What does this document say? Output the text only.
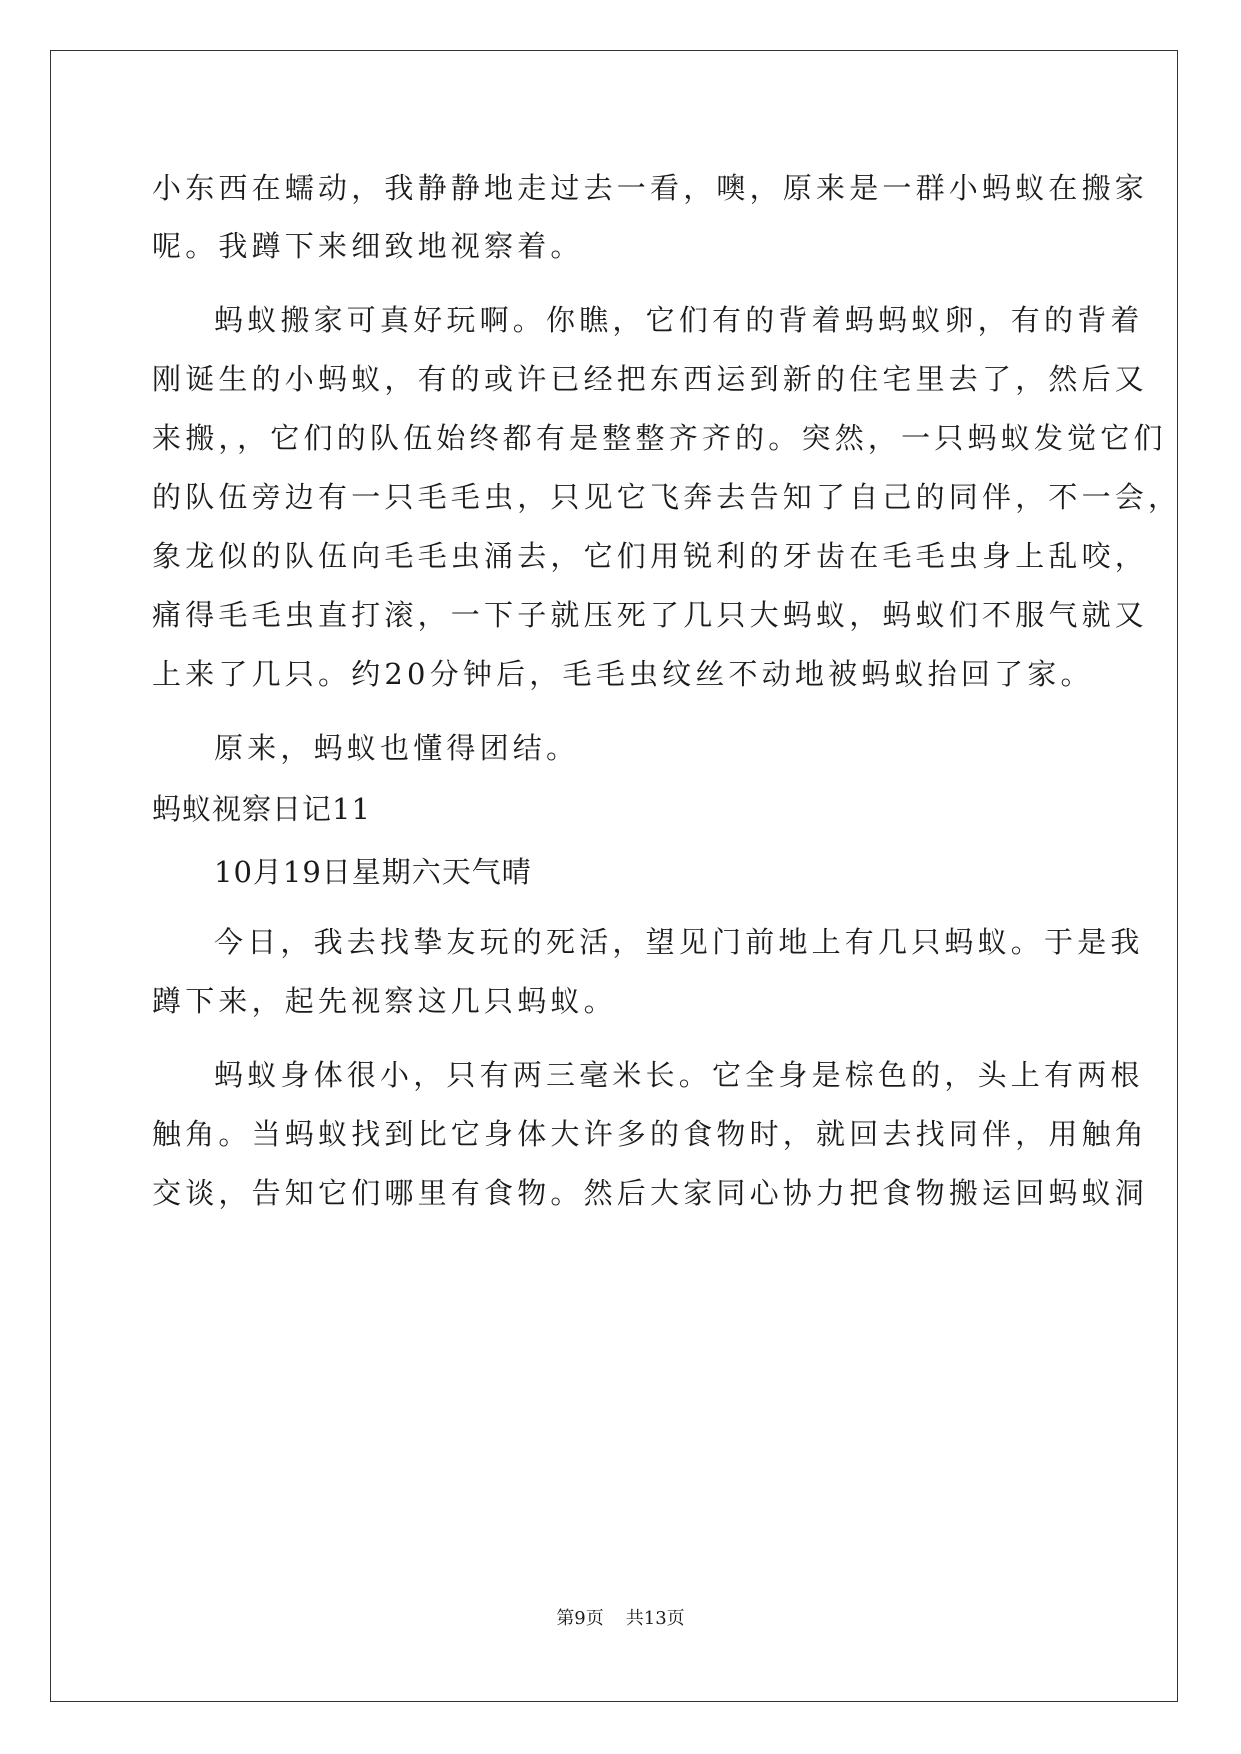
小东西在蠕动，我静静地走过去一看，噢，原来是一群小蚂蚁在搬家
呢。我蹲下来细致地视察着。
蚂蚁搬家可真好玩啊。你瞧，它们有的背着蚂蚂蚁卵，有的背着
刚诞生的小蚂蚁，有的或许已经把东西运到新的住宅里去了，然后又
来搬，，它们的队伍始终都有是整整齐齐的。突然，一只蚂蚁发觉它们
的队伍旁边有一只毛毛虫，只见它飞奔去告知了自己的同伴，不一会，
象龙似的队伍向毛毛虫涌去，它们用锐利的牙齿在毛毛虫身上乱咬，
痛得毛毛虫直打滚，一下子就压死了几只大蚂蚁，蚂蚁们不服气就又
上来了几只。约20分钟后，毛毛虫纹丝不动地被蚂蚁抬回了家。
原来，蚂蚁也懂得团结。
蚂蚁视察日记11
10月19日星期六天气晴
今日，我去找挚友玩的死活，望见门前地上有几只蚂蚁。于是我
蹲下来，起先视察这几只蚂蚁。
蚂蚁身体很小，只有两三毫米长。它全身是棕色的，头上有两根
触角。当蚂蚁找到比它身体大许多的食物时，就回去找同伴，用触角
交谈，告知它们哪里有食物。然后大家同心协力把食物搬运回蚂蚁洞
第9页 共13页
